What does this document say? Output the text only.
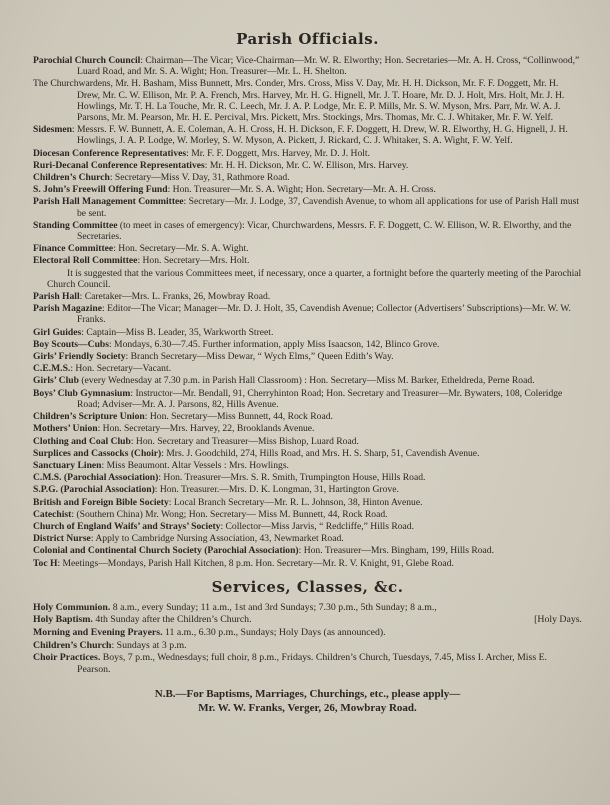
Parish Officials.
Parochial Church Council: Chairman—The Vicar; Vice-Chairman—Mr. W. R. Elworthy; Hon. Secretaries—Mr. A. H. Cross, “Collinwood,” Luard Road, and Mr. S. A. Wight; Hon. Treasurer—Mr. L. H. Shelton.
The Churchwardens, Mr. H. Basham, Miss Bunnett, Mrs. Conder, Mrs. Cross, Miss V. Day, Mr. H. H. Dickson, Mr. F. F. Doggett, Mr. H. Drew, Mr. C. W. Ellison, Mr. P. A. French, Mrs. Harvey, Mr. H. G. Hignell, Mr. J. T. Hoare, Mr. D. J. Holt, Mrs. Holt, Mr. J. H. Howlings, Mr. T. H. La Touche, Mr. R. C. Leech, Mr. J. A. P. Lodge, Mr. E. P. Mills, Mr. S. W. Myson, Mrs. Parr, Mr. W. A. J. Parsons, Mr. M. Pearson, Mr. H. E. Percival, Mrs. Pickett, Mrs. Stockings, Mrs. Thomas, Mr. C. J. Whitaker, Mr. F. W. Yelf.
Sidesmen: Messrs. F. W. Bunnett, A. E. Coleman, A. H. Cross, H. H. Dickson, F. F. Doggett, H. Drew, W. R. Elworthy, H. G. Hignell, J. H. Howlings, J. A. P. Lodge, W. Morley, S. W. Myson, A. Pickett, J. Rickard, C. J. Whitaker, S. A. Wight, F. W. Yelf.
Diocesan Conference Representatives: Mr. F. F. Doggett, Mrs. Harvey, Mr. D. J. Holt.
Ruri-Decanal Conference Representatives: Mr. H. H. Dickson, Mr. C. W. Ellison, Mrs. Harvey.
Children’s Church: Secretary—Miss V. Day, 31, Rathmore Road.
S. John’s Freewill Offering Fund: Hon. Treasurer—Mr. S. A. Wight; Hon. Secretary—Mr. A. H. Cross.
Parish Hall Management Committee: Secretary—Mr. J. Lodge, 37, Cavendish Avenue, to whom all applications for use of Parish Hall must be sent.
Standing Committee (to meet in cases of emergency): Vicar, Churchwardens, Messrs. F. F. Doggett, C. W. Ellison, W. R. Elworthy, and the Secretaries.
Finance Committee: Hon. Secretary—Mr. S. A. Wight.
Electoral Roll Committee: Hon. Secretary—Mrs. Holt.
It is suggested that the various Committees meet, if necessary, once a quarter, a fortnight before the quarterly meeting of the Parochial Church Council.
Parish Hall: Caretaker—Mrs. L. Franks, 26, Mowbray Road.
Parish Magazine: Editor—The Vicar; Manager—Mr. D. J. Holt, 35, Cavendish Avenue; Collector (Advertisers’ Subscriptions)—Mr. W. W. Franks.
Girl Guides: Captain—Miss B. Leader, 35, Warkworth Street.
Boy Scouts—Cubs: Mondays, 6.30—7.45. Further information, apply Miss Isaacson, 142, Blinco Grove.
Girls’ Friendly Society: Branch Secretary—Miss Dewar, “ Wych Elms,” Queen Edith’s Way.
C.E.M.S.: Hon. Secretary—Vacant.
Girls’ Club (every Wednesday at 7.30 p.m. in Parish Hall Classroom) : Hon. Secretary—Miss M. Barker, Etheldreda, Perne Road.
Boys’ Club Gymnasium: Instructor—Mr. Bendall, 91, Cherryhinton Road; Hon. Secretary and Treasurer—Mr. Bywaters, 108, Coleridge Road; Adviser—Mr. A. J. Parsons, 82, Hills Avenue.
Children’s Scripture Union: Hon. Secretary—Miss Bunnett, 44, Rock Road.
Mothers’ Union: Hon. Secretary—Mrs. Harvey, 22, Brooklands Avenue.
Clothing and Coal Club: Hon. Secretary and Treasurer—Miss Bishop, Luard Road.
Surplices and Cassocks (Choir): Mrs. J. Goodchild, 274, Hills Road, and Mrs. H. S. Sharp, 51, Cavendish Avenue.
Sanctuary Linen: Miss Beaumont. Altar Vessels : Mrs. Howlings.
C.M.S. (Parochial Association): Hon. Treasurer—Mrs. S. R. Smith, Trumpington House, Hills Road.
S.P.G. (Parochial Association): Hon. Treasurer.—Mrs. D. K. Longman, 31, Hartington Grove.
British and Foreign Bible Society: Local Branch Secretary—Mr. R. L. Johnson, 38, Hinton Avenue.
Catechist: (Southern China) Mr. Wong; Hon. Secretary— Miss M. Bunnett, 44, Rock Road.
Church of England Waifs’ and Strays’ Society: Collector—Miss Jarvis, “ Redcliffe,” Hills Road.
District Nurse: Apply to Cambridge Nursing Association, 43, Newmarket Road.
Colonial and Continental Church Society (Parochial Association): Hon. Treasurer—Mrs. Bingham, 199, Hills Road.
Toc H: Meetings—Mondays, Parish Hall Kitchen, 8 p.m. Hon. Secretary—Mr. R. V. Knight, 91, Glebe Road.
Services, Classes, &c.
Holy Communion. 8 a.m., every Sunday; 11 a.m., 1st and 3rd Sundays; 7.30 p.m., 5th Sunday; 8 a.m.,
Holy Baptism. 4th Sunday after the Children’s Church.	[Holy Days.
Morning and Evening Prayers. 11 a.m., 6.30 p.m., Sundays; Holy Days (as announced).
Children’s Church: Sundays at 3 p.m.
Choir Practices. Boys, 7 p.m., Wednesdays; full choir, 8 p.m., Fridays. Children’s Church, Tuesdays, 7.45, Miss I. Archer, Miss E. Pearson.
N.B.—For Baptisms, Marriages, Churchings, etc., please apply—
Mr. W. W. Franks, Verger, 26, Mowbray Road.
